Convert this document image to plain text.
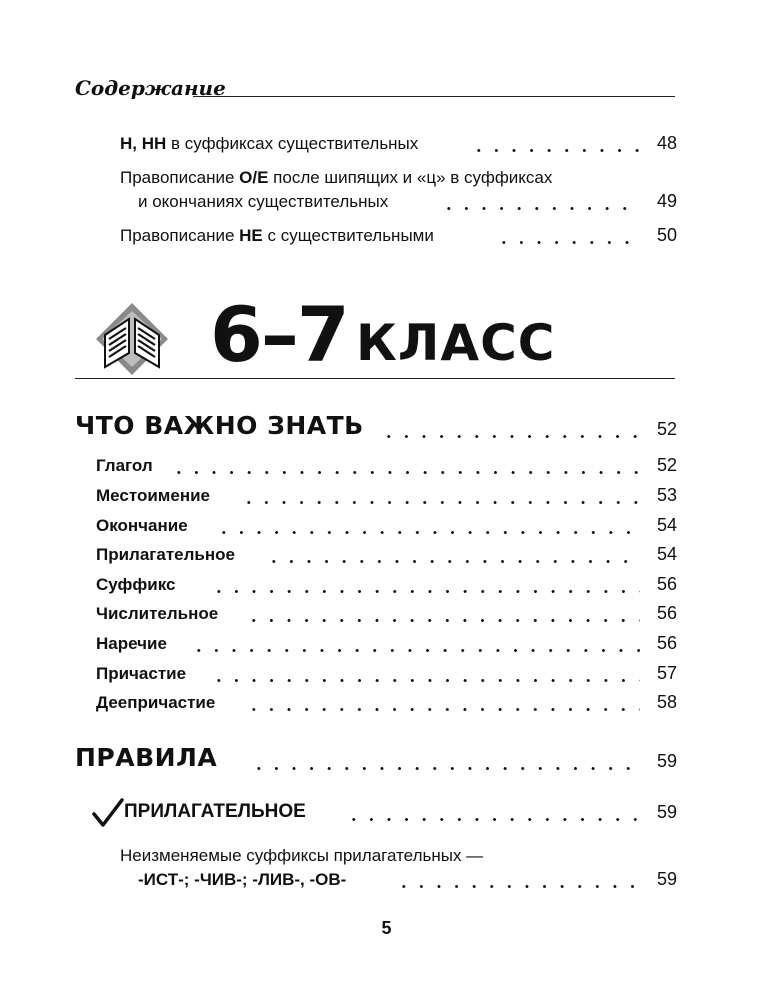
Содержание
Н, НН в суффиксах существительных	48
Правописание О/Е после шипящих и «ц» в суффиксах
и окончаниях существительных	49
Правописание НЕ с существительными	50
6–7 КЛАСС
ЧТО ВАЖНО ЗНАТЬ	52
Глагол	52
Местоимение	53
Окончание	54
Прилагательное	54
Суффикс	56
Числительное	56
Наречие	56
Причастие	57
Деепричастие	58
ПРАВИЛА	59
ПРИЛАГАТЕЛЬНОЕ	59
Неизменяемые суффиксы прилагательных —
-ИСТ-; -ЧИВ-; -ЛИВ-, -ОВ-	59
5
